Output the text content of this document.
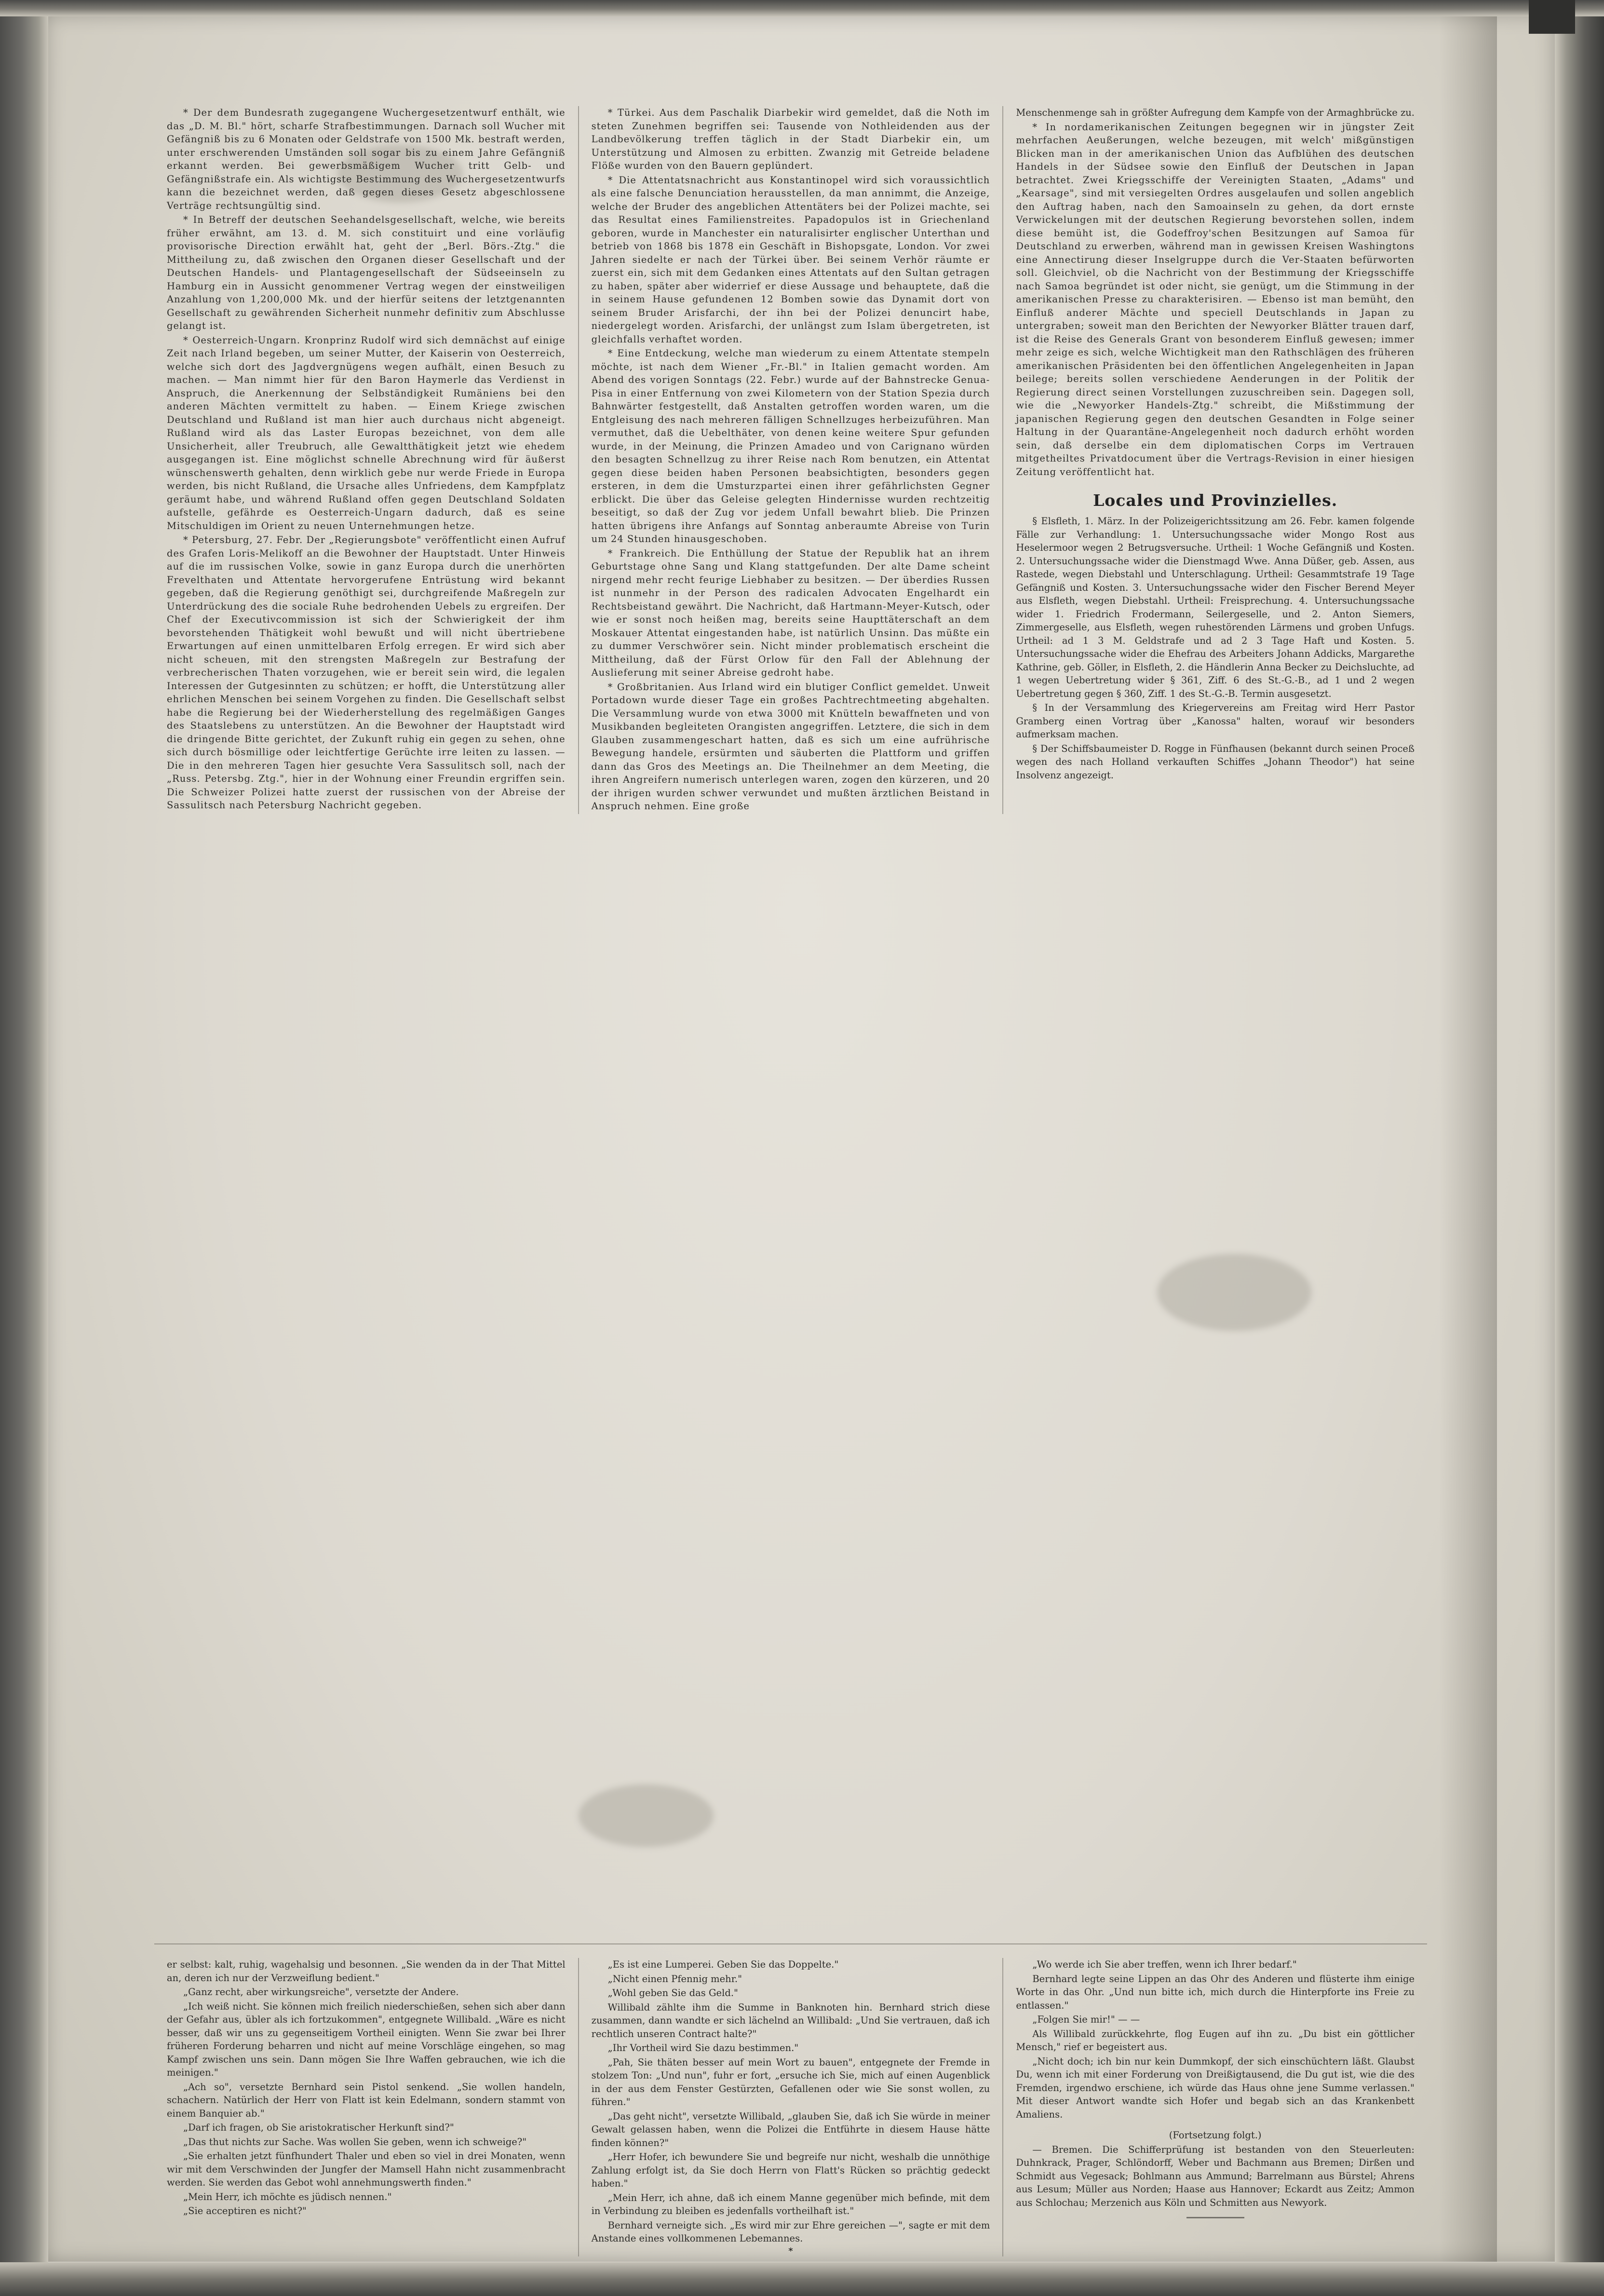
* Der dem Bundesrath zugegangene Wuchergesetzentwurf enthält, wie das „D. M. Bl." hört, scharfe Strafbestimmungen. Darnach soll Wucher mit Gefängniß bis zu 6 Monaten oder Geldstrafe von 1500 Mk. bestraft werden, unter erschwerenden Umständen soll sogar bis zu einem Jahre Gefängniß erkannt werden. Bei gewerbsmäßigem Wucher tritt Gelb- und Gefängnißstrafe ein. Als wichtigste Bestimmung des Wuchergesetzentwurfs kann die bezeichnet werden, daß gegen dieses Gesetz abgeschlossene Verträge rechtsungültig sind.

* In Betreff der deutschen Seehandelsgesellschaft, welche, wie bereits früher erwähnt, am 13. d. M. sich constituirt und eine vorläufig provisorische Direction erwählt hat, geht der „Berl. Börs.-Ztg." die Mittheilung zu, daß zwischen den Organen dieser Gesellschaft und der Deutschen Handels- und Plantagengesellschaft der Südseeinseln zu Hamburg ein in Aussicht genommener Vertrag wegen der einstweiligen Anzahlung von 1,200,000 Mk. und der hierfür seitens der letztgenannten Gesellschaft zu gewährenden Sicherheit nunmehr definitiv zum Abschlusse gelangt ist.

* Oesterreich-Ungarn. Kronprinz Rudolf wird sich demnächst auf einige Zeit nach Irland begeben, um seiner Mutter, der Kaiserin von Oesterreich, welche sich dort des Jagdvergnügens wegen aufhält, einen Besuch zu machen. — Man nimmt hier für den Baron Haymerle das Verdienst in Anspruch, die Anerkennung der Selbständigkeit Rumäniens bei den anderen Mächten vermittelt zu haben. — Einem Kriege zwischen Deutschland und Rußland ist man hier auch durchaus nicht abgeneigt. Rußland wird als das Laster Europas bezeichnet, von dem alle Unsicherheit, aller Treubruch, alle Gewaltthätigkeit jetzt wie ehedem ausgegangen ist. Eine möglichst schnelle Abrechnung wird für äußerst wünschenswerth gehalten, denn wirklich gebe nur werde Friede in Europa werden, bis nicht Rußland, die Ursache alles Unfriedens, dem Kampfplatz geräumt habe, und während Rußland offen gegen Deutschland Soldaten aufstelle, gefährde es Oesterreich-Ungarn dadurch, daß es seine Mitschuldigen im Orient zu neuen Unternehmungen hetze.

* Petersburg, 27. Febr. Der „Regierungsbote" veröffentlicht einen Aufruf des Grafen Loris-Melikoff an die Bewohner der Hauptstadt. Unter Hinweis auf die im russischen Volke, sowie in ganz Europa durch die unerhörten Frevelthaten und Attentate hervorgerufene Entrüstung wird bekannt gegeben, daß die Regierung genöthigt sei, durchgreifende Maßregeln zur Unterdrückung des die sociale Ruhe bedrohenden Uebels zu ergreifen. Der Chef der Executivcommission ist sich der Schwierigkeit der ihm bevorstehenden Thätigkeit wohl bewußt und will nicht übertriebene Erwartungen auf einen unmittelbaren Erfolg erregen. Er wird sich aber nicht scheuen, mit den strengsten Maßregeln zur Bestrafung der verbrecherischen Thaten vorzugehen, wie er bereit sein wird, die legalen Interessen der Gutgesinnten zu schützen; er hofft, die Unterstützung aller ehrlichen Menschen bei seinem Vorgehen zu finden. Die Gesellschaft selbst habe die Regierung bei der Wiederherstellung des regelmäßigen Ganges des Staatslebens zu unterstützen. An die Bewohner der Hauptstadt wird die dringende Bitte gerichtet, der Zukunft ruhig ein gegen zu sehen, ohne sich durch bösmillige oder leichtfertige Gerüchte irre leiten zu lassen. — Die in den mehreren Tagen hier gesuchte Vera Sassulitsch soll, nach der „Russ. Petersbg. Ztg.", hier in der Wohnung einer Freundin ergriffen sein. Die Schweizer Polizei hatte zuerst der russischen von der Abreise der Sassulitsch nach Petersburg Nachricht gegeben.

* Türkei. Aus dem Paschalik Diarbekir wird gemeldet, daß die Noth im steten Zunehmen begriffen sei: Tausende von Nothleidenden aus der Landbevölkerung treffen täglich in der Stadt Diarbekir ein, um Unterstützung und Almosen zu erbitten. Zwanzig mit Getreide beladene Flöße wurden von den Bauern geplündert.

* Die Attentatsnachricht aus Konstantinopel wird sich voraussichtlich als eine falsche Denunciation herausstellen, da man annimmt, die Anzeige, welche der Bruder des angeblichen Attentäters bei der Polizei machte, sei das Resultat eines Familienstreites. Papadopulos ist in Griechenland geboren, wurde in Manchester ein naturalisirter englischer Unterthan und betrieb von 1868 bis 1878 ein Geschäft in Bishopsgate, London. Vor zwei Jahren siedelte er nach der Türkei über. Bei seinem Verhör räumte er zuerst ein, sich mit dem Gedanken eines Attentats auf den Sultan getragen zu haben, später aber widerrief er diese Aussage und behauptete, daß die in seinem Hause gefundenen 12 Bomben sowie das Dynamit dort von seinem Bruder Arisfarchi, der ihn bei der Polizei denuncirt habe, niedergelegt worden. Arisfarchi, der unlängst zum Islam übergetreten, ist gleichfalls verhaftet worden.

* Eine Entdeckung, welche man wiederum zu einem Attentate stempeln möchte, ist nach dem Wiener „Fr.-Bl." in Italien gemacht worden. Am Abend des vorigen Sonntags (22. Febr.) wurde auf der Bahnstrecke Genua-Pisa in einer Entfernung von zwei Kilometern von der Station Spezia durch Bahnwärter festgestellt, daß Anstalten getroffen worden waren, um die Entgleisung des nach mehreren fälligen Schnellzuges herbeizuführen. Man vermuthet, daß die Uebelthäter, von denen keine weitere Spur gefunden wurde, in der Meinung, die Prinzen Amadeo und von Carignano würden den besagten Schnellzug zu ihrer Reise nach Rom benutzen, ein Attentat gegen diese beiden haben Personen beabsichtigten, besonders gegen ersteren, in dem die Umsturzpartei einen ihrer gefährlichsten Gegner erblickt. Die über das Geleise gelegten Hindernisse wurden rechtzeitig beseitigt, so daß der Zug vor jedem Unfall bewahrt blieb. Die Prinzen hatten übrigens ihre Anfangs auf Sonntag anberaumte Abreise von Turin um 24 Stunden hinausgeschoben.

* Frankreich. Die Enthüllung der Statue der Republik hat an ihrem Geburtstage ohne Sang und Klang stattgefunden. Der alte Dame scheint nirgend mehr recht feurige Liebhaber zu besitzen. — Der überdies Russen ist nunmehr in der Person des radicalen Advocaten Engelhardt ein Rechtsbeistand gewährt. Die Nachricht, daß Hartmann-Meyer-Kutsch, oder wie er sonst noch heißen mag, bereits seine Haupttäterschaft an dem Moskauer Attentat eingestanden habe, ist natürlich Unsinn. Das müßte ein zu dummer Verschwörer sein. Nicht minder problematisch erscheint die Mittheilung, daß der Fürst Orlow für den Fall der Ablehnung der Auslieferung mit seiner Abreise gedroht habe.

* Großbritanien. Aus Irland wird ein blutiger Conflict gemeldet. Unweit Portadown wurde dieser Tage ein großes Pachtrechtmeeting abgehalten. Die Versammlung wurde von etwa 3000 mit Knütteln bewaffneten und von Musikbanden begleiteten Orangisten angegriffen. Letztere, die sich in dem Glauben zusammengeschart hatten, daß es sich um eine aufrührische Bewegung handele, ersürmten und säuberten die Plattform und griffen dann das Gros des Meetings an. Die Theilnehmer an dem Meeting, die ihren Angreifern numerisch unterlegen waren, zogen den kürzeren, und 20 der ihrigen wurden schwer verwundet und mußten ärztlichen Beistand in Anspruch nehmen. Eine große

Menschenmenge sah in größter Aufregung dem Kampfe von der Armaghbrücke zu.

* In nordamerikanischen Zeitungen begegnen wir in jüngster Zeit mehrfachen Aeußerungen, welche bezeugen, mit welch' mißgünstigen Blicken man in der amerikanischen Union das Aufblühen des deutschen Handels in der Südsee sowie den Einfluß der Deutschen in Japan betrachtet. Zwei Kriegsschiffe der Vereinigten Staaten, „Adams" und „Kearsage", sind mit versiegelten Ordres ausgelaufen und sollen angeblich den Auftrag haben, nach den Samoainseln zu gehen, da dort ernste Verwickelungen mit der deutschen Regierung bevorstehen sollen, indem diese bemüht ist, die Godeffroy'schen Besitzungen auf Samoa für Deutschland zu erwerben, während man in gewissen Kreisen Washingtons eine Annectirung dieser Inselgruppe durch die Ver-Staaten befürworten soll. Gleichviel, ob die Nachricht von der Bestimmung der Kriegsschiffe nach Samoa begründet ist oder nicht, sie genügt, um die Stimmung in der amerikanischen Presse zu charakterisiren. — Ebenso ist man bemüht, den Einfluß anderer Mächte und speciell Deutschlands in Japan zu untergraben; soweit man den Berichten der Newyorker Blätter trauen darf, ist die Reise des Generals Grant von besonderem Einfluß gewesen; immer mehr zeige es sich, welche Wichtigkeit man den Rathschlägen des früheren amerikanischen Präsidenten bei den öffentlichen Angelegenheiten in Japan beilege; bereits sollen verschiedene Aenderungen in der Politik der Regierung direct seinen Vorstellungen zuzuschreiben sein. Dagegen soll, wie die „Newyorker Handels-Ztg." schreibt, die Mißstimmung der japanischen Regierung gegen den deutschen Gesandten in Folge seiner Haltung in der Quarantäne-Angelegenheit noch dadurch erhöht worden sein, daß derselbe ein dem diplomatischen Corps im Vertrauen mitgetheiltes Privatdocument über die Vertrags-Revision in einer hiesigen Zeitung veröffentlicht hat.

Locales und Provinzielles.

§ Elsfleth, 1. März. In der Polizeigerichtssitzung am 26. Febr. kamen folgende Fälle zur Verhandlung: 1. Untersuchungssache wider Mongo Rost aus Heselermoor wegen 2 Betrugsversuche. Urtheil: 1 Woche Gefängniß und Kosten. 2. Untersuchungssache wider die Dienstmagd Wwe. Anna Düßer, geb. Assen, aus Rastede, wegen Diebstahl und Unterschlagung. Urtheil: Gesammtstrafe 19 Tage Gefängniß und Kosten. 3. Untersuchungssache wider den Fischer Berend Meyer aus Elsfleth, wegen Diebstahl. Urtheil: Freisprechung. 4. Untersuchungssache wider 1. Friedrich Frodermann, Seilergeselle, und 2. Anton Siemers, Zimmergeselle, aus Elsfleth, wegen ruhestörenden Lärmens und groben Unfugs. Urtheil: ad 1 3 M. Geldstrafe und ad 2 3 Tage Haft und Kosten. 5. Untersuchungssache wider die Ehefrau des Arbeiters Johann Addicks, Margarethe Kathrine, geb. Göller, in Elsfleth, 2. die Händlerin Anna Becker zu Deichsluchte, ad 1 wegen Uebertretung wider § 361, Ziff. 6 des St.-G.-B., ad 1 und 2 wegen Uebertretung gegen § 360, Ziff. 1 des St.-G.-B. Termin ausgesetzt.

§ In der Versammlung des Kriegervereins am Freitag wird Herr Pastor Gramberg einen Vortrag über „Kanossa" halten, worauf wir besonders aufmerksam machen.

§ Der Schiffsbaumeister D. Rogge in Fünfhausen (bekannt durch seinen Proceß wegen des nach Holland verkauften Schiffes „Johann Theodor") hat seine Insolvenz angezeigt.

er selbst: kalt, ruhig, wagehalsig und besonnen. „Sie wenden da in der That Mittel an, deren ich nur der Verzweiflung bedient."

„Ganz recht, aber wirkungsreiche", versetzte der Andere.

„Ich weiß nicht. Sie können mich freilich niederschießen, sehen sich aber dann der Gefahr aus, übler als ich fortzukommen", entgegnete Willibald. „Wäre es nicht besser, daß wir uns zu gegenseitigem Vortheil einigten. Wenn Sie zwar bei Ihrer früheren Forderung beharren und nicht auf meine Vorschläge eingehen, so mag Kampf zwischen uns sein. Dann mögen Sie Ihre Waffen gebrauchen, wie ich die meinigen."

„Ach so", versetzte Bernhard sein Pistol senkend. „Sie wollen handeln, schachern. Natürlich der Herr von Flatt ist kein Edelmann, sondern stammt von einem Banquier ab."

„Darf ich fragen, ob Sie aristokratischer Herkunft sind?"

„Das thut nichts zur Sache. Was wollen Sie geben, wenn ich schweige?"

„Sie erhalten jetzt fünfhundert Thaler und eben so viel in drei Monaten, wenn wir mit dem Verschwinden der Jungfer der Mamsell Hahn nicht zusammenbracht werden. Sie werden das Gebot wohl annehmungswerth finden."

„Mein Herr, ich möchte es jüdisch nennen."

„Sie acceptiren es nicht?"

„Es ist eine Lumperei. Geben Sie das Doppelte."

„Nicht einen Pfennig mehr."

„Wohl geben Sie das Geld."

Willibald zählte ihm die Summe in Banknoten hin. Bernhard strich diese zusammen, dann wandte er sich lächelnd an Willibald: „Und Sie vertrauen, daß ich rechtlich unseren Contract halte?"

„Ihr Vortheil wird Sie dazu bestimmen."

„Pah, Sie thäten besser auf mein Wort zu bauen", entgegnete der Fremde in stolzem Ton: „Und nun", fuhr er fort, „ersuche ich Sie, mich auf einen Augenblick in der aus dem Fenster Gestürzten, Gefallenen oder wie Sie sonst wollen, zu führen."

„Das geht nicht", versetzte Willibald, „glauben Sie, daß ich Sie würde in meiner Gewalt gelassen haben, wenn die Polizei die Entführte in diesem Hause hätte finden können?"

„Herr Hofer, ich bewundere Sie und begreife nur nicht, weshalb die unnöthige Zahlung erfolgt ist, da Sie doch Herrn von Flatt's Rücken so prächtig gedeckt haben."

„Mein Herr, ich ahne, daß ich einem Manne gegenüber mich befinde, mit dem in Verbindung zu bleiben es jedenfalls vortheilhaft ist."

Bernhard verneigte sich. „Es wird mir zur Ehre gereichen —", sagte er mit dem Anstande eines vollkommenen Lebemannes.

*

„Wo werde ich Sie aber treffen, wenn ich Ihrer bedarf."

Bernhard legte seine Lippen an das Ohr des Anderen und flüsterte ihm einige Worte in das Ohr. „Und nun bitte ich, mich durch die Hinterpforte ins Freie zu entlassen."

„Folgen Sie mir!" — —

Als Willibald zurückkehrte, flog Eugen auf ihn zu. „Du bist ein göttlicher Mensch," rief er begeistert aus.

„Nicht doch; ich bin nur kein Dummkopf, der sich einschüchtern läßt. Glaubst Du, wenn ich mit einer Forderung von Dreißigtausend, die Du gut ist, wie die des Fremden, irgendwo erschiene, ich würde das Haus ohne jene Summe verlassen." Mit dieser Antwort wandte sich Hofer und begab sich an das Krankenbett Amaliens.

(Fortsetzung folgt.)

— Bremen. Die Schifferprüfung ist bestanden von den Steuerleuten: Duhnkrack, Prager, Schlöndorff, Weber und Bachmann aus Bremen; Dirßen und Schmidt aus Vegesack; Bohlmann aus Ammund; Barrelmann aus Bürstel; Ahrens aus Lesum; Müller aus Norden; Haase aus Hannover; Eckardt aus Zeitz; Ammon aus Schlochau; Merzenich aus Köln und Schmitten aus Newyork.
